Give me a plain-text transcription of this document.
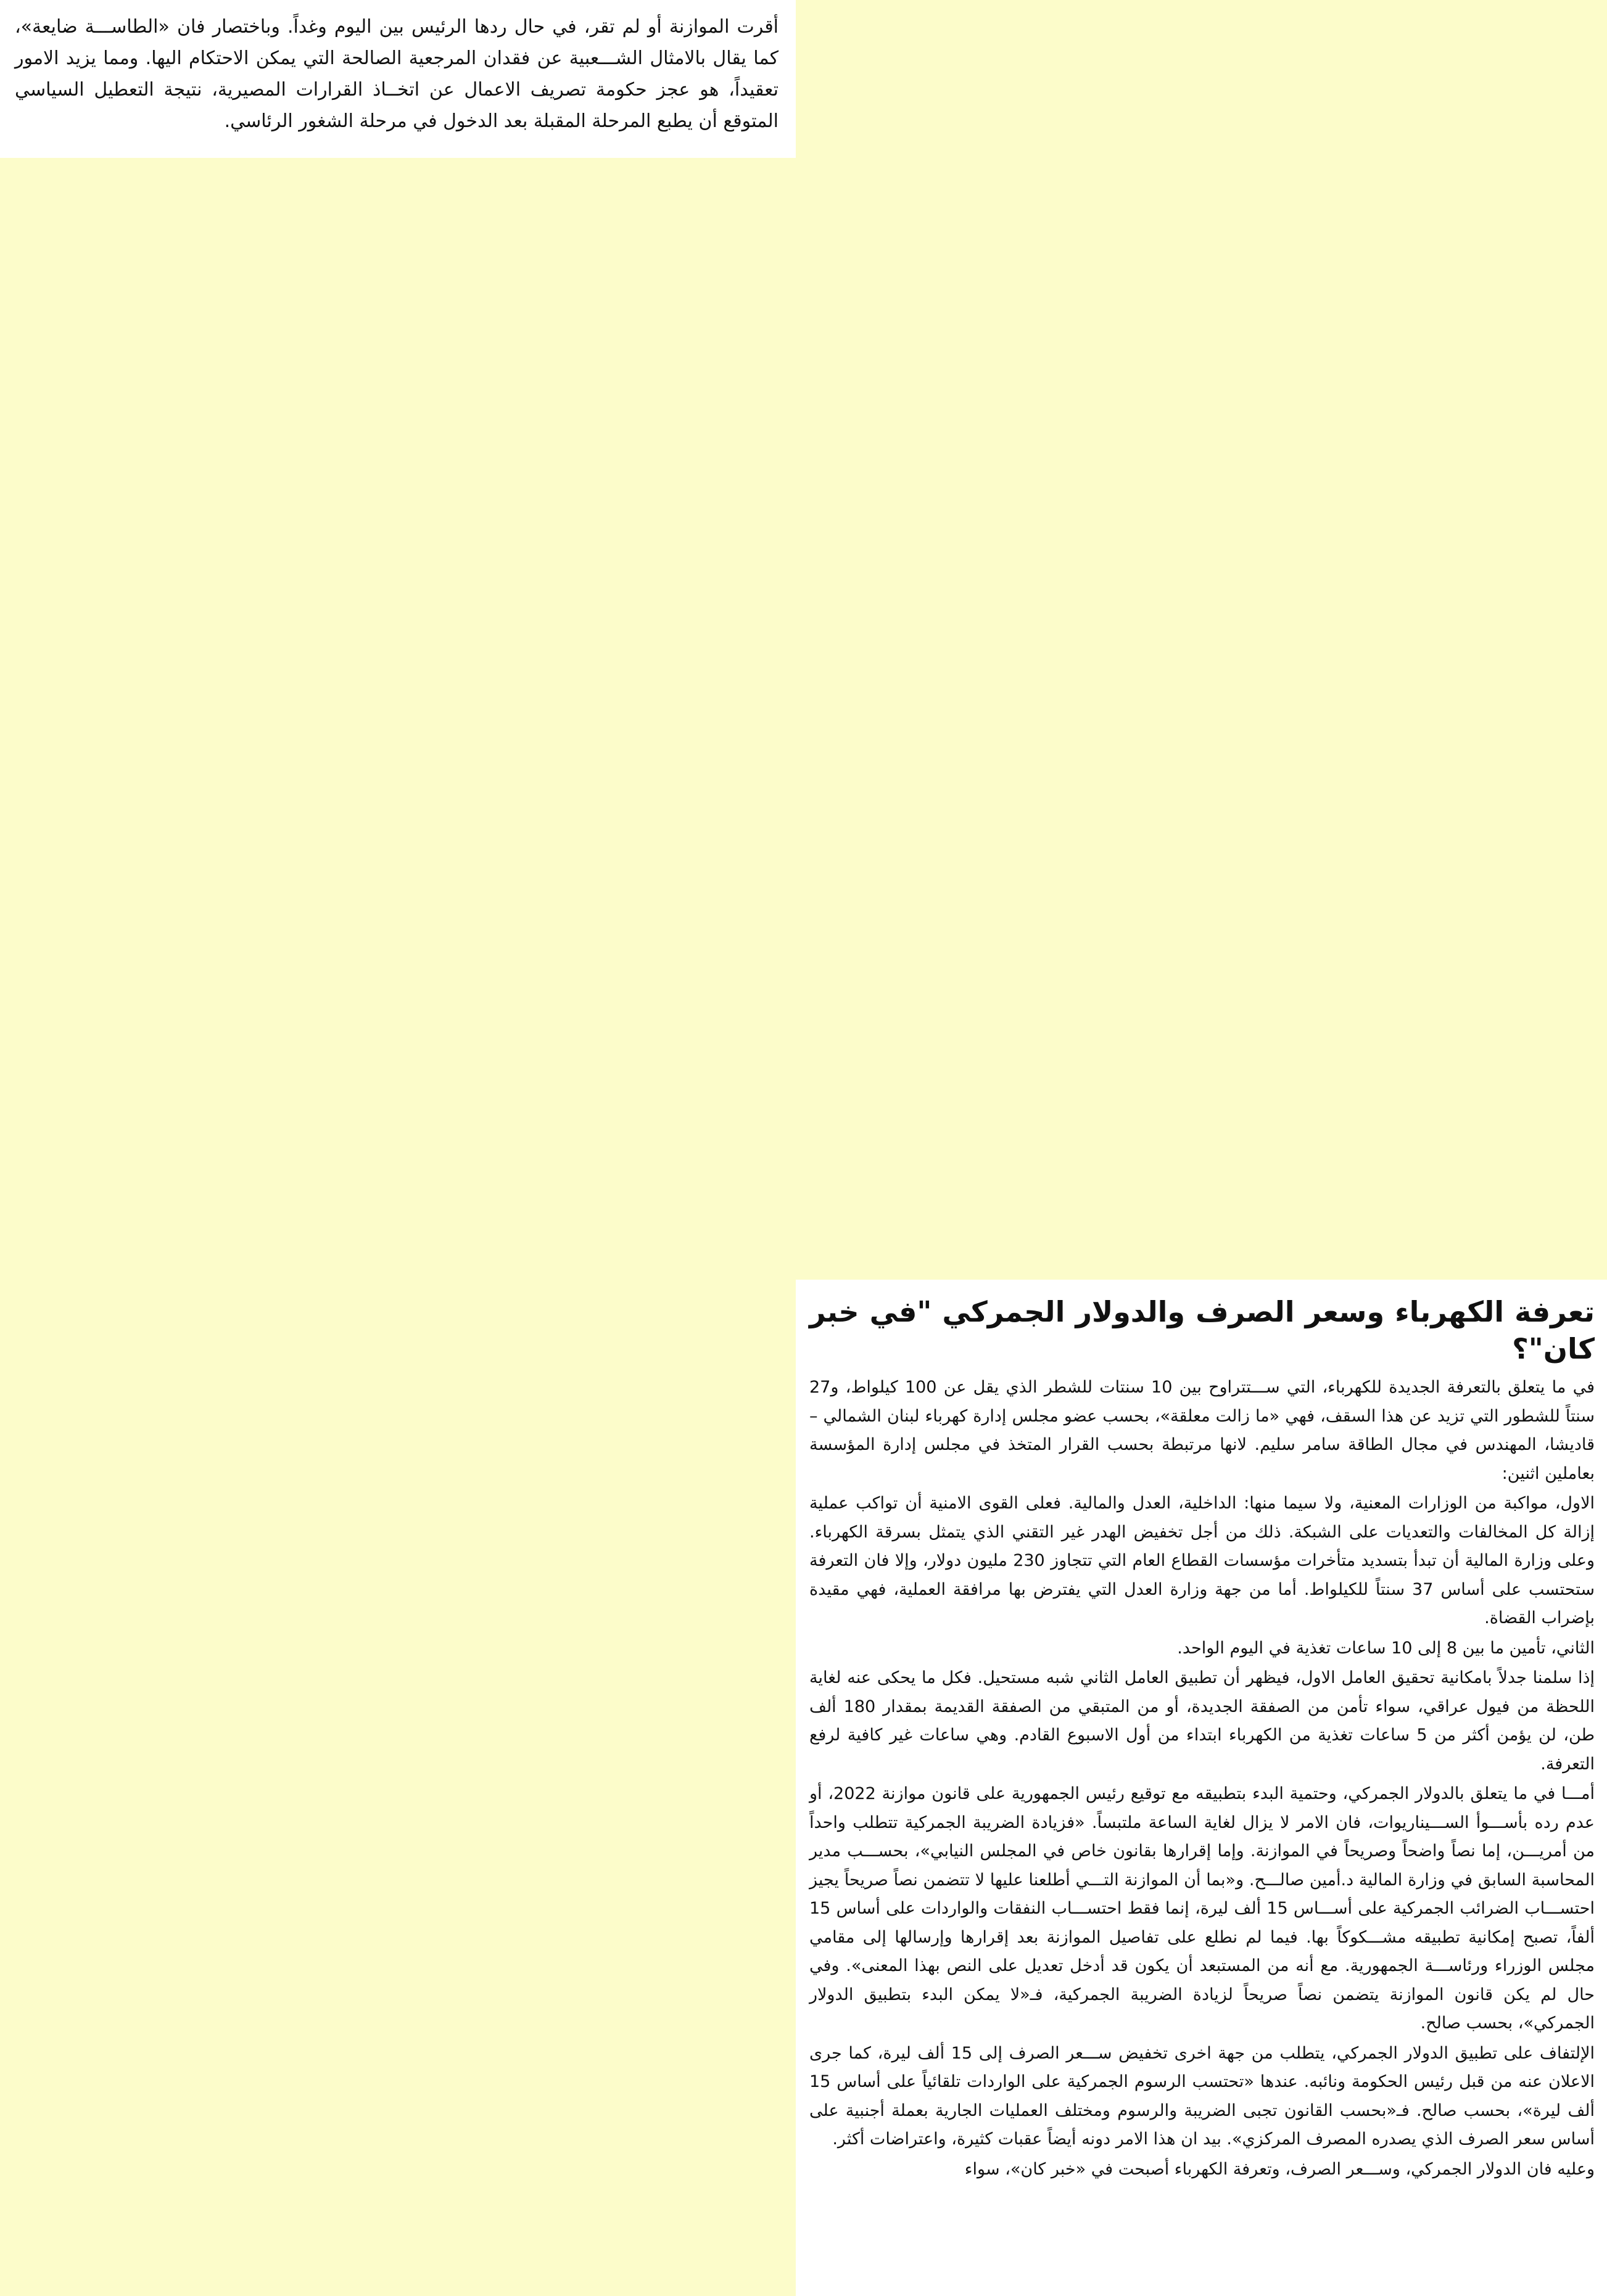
أقرت الموازنة أو لم تقر، في حال ردها الرئيس بين اليوم وغداً. وباختصار فان «الطاســـة ضايعة»، كما يقال بالامثال الشـــعبية عن فقدان المرجعية الصالحة التي يمكن الاحتكام اليها. ومما يزيد الامور تعقيداً، هو عجز حكومة تصريف الاعمال عن اتخــاذ القرارات المصيرية، نتيجة التعطيل السياسي المتوقع أن يطبع المرحلة المقبلة بعد الدخول في مرحلة الشغور الرئاسي.

تعرفة الكهرباء وسعر الصرف والدولار الجمركي "في خبر كان"؟

في ما يتعلق بالتعرفة الجديدة للكهرباء، التي ســـتتراوح بين 10 سنتات للشطر الذي يقل عن 100 كيلواط، و27 سنتاً للشطور التي تزيد عن هذا السقف، فهي «ما زالت معلقة»، بحسب عضو مجلس إدارة كهرباء لبنان الشمالي – قاديشا، المهندس في مجال الطاقة سامر سليم. لانها مرتبطة بحسب القرار المتخذ في مجلس إدارة المؤسسة بعاملين اثنين:

الاول، مواكبة من الوزارات المعنية، ولا سيما منها: الداخلية، العدل والمالية. فعلى القوى الامنية أن تواكب عملية إزالة كل المخالفات والتعديات على الشبكة. ذلك من أجل تخفيض الهدر غير التقني الذي يتمثل بسرقة الكهرباء. وعلى وزارة المالية أن تبدأ بتسديد متأخرات مؤسسات القطاع العام التي تتجاوز 230 مليون دولار، وإلا فان التعرفة ستحتسب على أساس 37 سنتاً للكيلواط. أما من جهة وزارة العدل التي يفترض بها مرافقة العملية، فهي مقيدة بإضراب القضاة.

الثاني، تأمين ما بين 8 إلى 10 ساعات تغذية في اليوم الواحد.

إذا سلمنا جدلاً بامكانية تحقيق العامل الاول، فيظهر أن تطبيق العامل الثاني شبه مستحيل. فكل ما يحكى عنه لغاية اللحظة من فيول عراقي، سواء تأمن من الصفقة الجديدة، أو من المتبقي من الصفقة القديمة بمقدار 180 ألف طن، لن يؤمن أكثر من 5 ساعات تغذية من الكهرباء ابتداء من أول الاسبوع القادم. وهي ساعات غير كافية لرفع التعرفة.

أمـــا في ما يتعلق بالدولار الجمركي، وحتمية البدء بتطبيقه مع توقيع رئيس الجمهورية على قانون موازنة 2022، أو عدم رده بأســـوأ الســـيناريوات، فان الامر لا يزال لغاية الساعة ملتبساً. «فزيادة الضريبة الجمركية تتطلب واحداً من أمريـــن، إما نصاً واضحاً وصريحاً في الموازنة. وإما إقرارها بقانون خاص في المجلس النيابي»، بحســـب مدير المحاسبة السابق في وزارة المالية د.أمين صالـــح. و«بما أن الموازنة التـــي أطلعنا عليها لا تتضمن نصاً صريحاً يجيز احتســـاب الضرائب الجمركية على أســـاس 15 ألف ليرة، إنما فقط احتســـاب النفقات والواردات على أساس 15 ألفاً، تصبح إمكانية تطبيقه مشـــكوكاً بها. فيما لم نطلع على تفاصيل الموازنة بعد إقرارها وإرسالها إلى مقامي مجلس الوزراء ورئاســـة الجمهورية. مع أنه من المستبعد أن يكون قد أدخل تعديل على النص بهذا المعنى». وفي حال لم يكن قانون الموازنة يتضمن نصاً صريحاً لزيادة الضريبة الجمركية، فـ«لا يمكن البدء بتطبيق الدولار الجمركي»، بحسب صالح.

الإلتفاف على تطبيق الدولار الجمركي، يتطلب من جهة اخرى تخفيض ســـعر الصرف إلى 15 ألف ليرة، كما جرى الاعلان عنه من قبل رئيس الحكومة ونائبه. عندها «تحتسب الرسوم الجمركية على الواردات تلقائياً على أساس 15 ألف ليرة»، بحسب صالح. فـ«بحسب القانون تجبى الضريبة والرسوم ومختلف العمليات الجارية بعملة أجنبية على أساس سعر الصرف الذي يصدره المصرف المركزي». بيد ان هذا الامر دونه أيضاً عقبات كثيرة، واعتراضات أكثر.

وعليه فان الدولار الجمركي، وســـعر الصرف، وتعرفة الكهرباء أصبحت في «خبر كان»، سواء
